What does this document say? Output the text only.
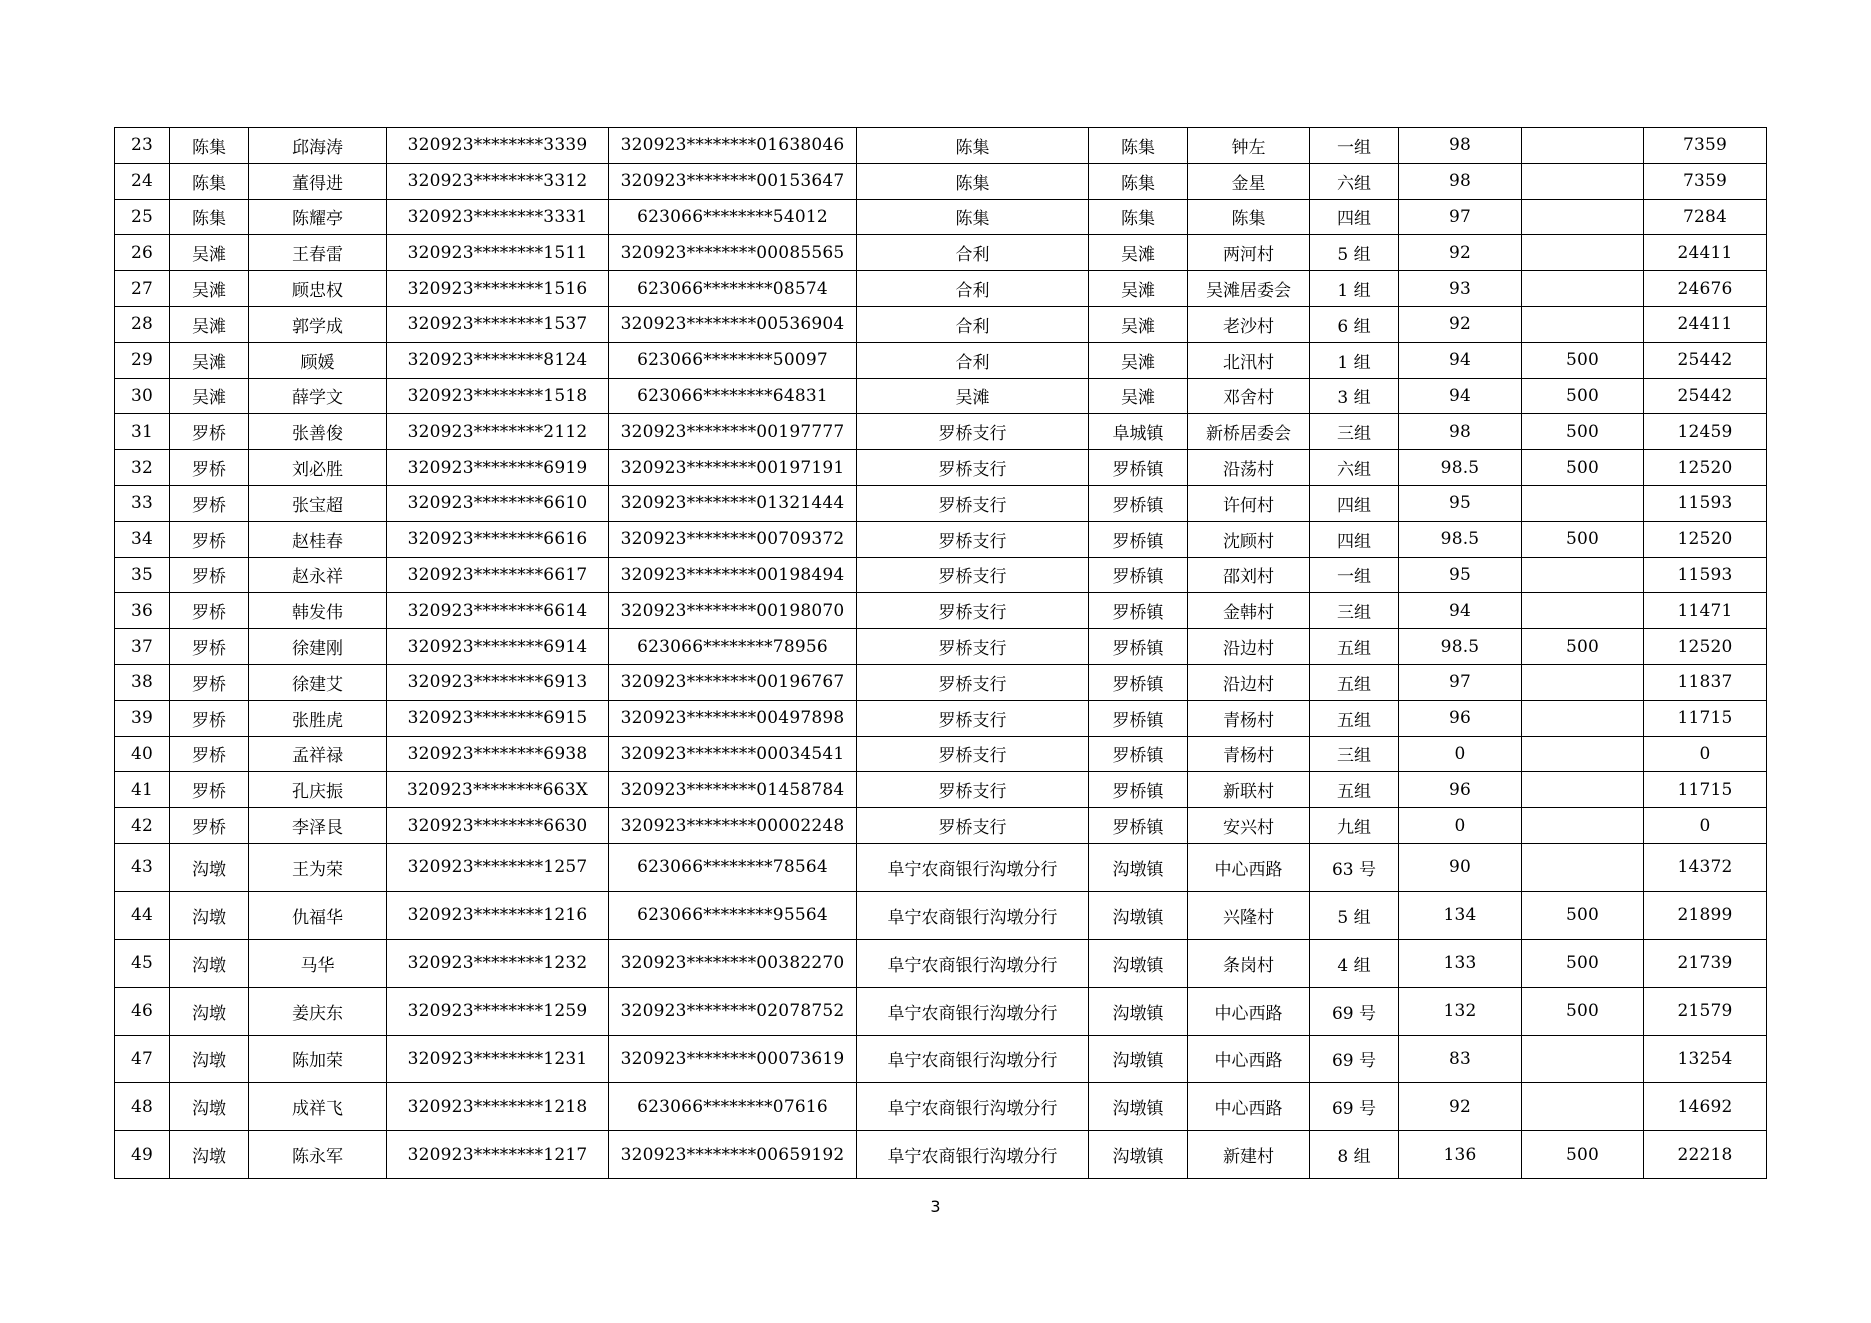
23	陈集	邱海涛	320923********3339	320923********01638046	陈集	陈集	钟左	一组	98		7359
24	陈集	董得进	320923********3312	320923********00153647	陈集	陈集	金星	六组	98		7359
25	陈集	陈耀亭	320923********3331	623066********54012	陈集	陈集	陈集	四组	97		7284
26	吴滩	王春雷	320923********1511	320923********00085565	合利	吴滩	两河村	5 组	92		24411
27	吴滩	顾忠权	320923********1516	623066********08574	合利	吴滩	吴滩居委会	1 组	93		24676
28	吴滩	郭学成	320923********1537	320923********00536904	合利	吴滩	老沙村	6 组	92		24411
29	吴滩	顾媛	320923********8124	623066********50097	合利	吴滩	北汛村	1 组	94	500	25442
30	吴滩	薛学文	320923********1518	623066********64831	吴滩	吴滩	邓舍村	3 组	94	500	25442
31	罗桥	张善俊	320923********2112	320923********00197777	罗桥支行	阜城镇	新桥居委会	三组	98	500	12459
32	罗桥	刘必胜	320923********6919	320923********00197191	罗桥支行	罗桥镇	沿荡村	六组	98.5	500	12520
33	罗桥	张宝超	320923********6610	320923********01321444	罗桥支行	罗桥镇	许何村	四组	95		11593
34	罗桥	赵桂春	320923********6616	320923********00709372	罗桥支行	罗桥镇	沈顾村	四组	98.5	500	12520
35	罗桥	赵永祥	320923********6617	320923********00198494	罗桥支行	罗桥镇	邵刘村	一组	95		11593
36	罗桥	韩发伟	320923********6614	320923********00198070	罗桥支行	罗桥镇	金韩村	三组	94		11471
37	罗桥	徐建刚	320923********6914	623066********78956	罗桥支行	罗桥镇	沿边村	五组	98.5	500	12520
38	罗桥	徐建艾	320923********6913	320923********00196767	罗桥支行	罗桥镇	沿边村	五组	97		11837
39	罗桥	张胜虎	320923********6915	320923********00497898	罗桥支行	罗桥镇	青杨村	五组	96		11715
40	罗桥	孟祥禄	320923********6938	320923********00034541	罗桥支行	罗桥镇	青杨村	三组	0		0
41	罗桥	孔庆振	320923********663X	320923********01458784	罗桥支行	罗桥镇	新联村	五组	96		11715
42	罗桥	李泽艮	320923********6630	320923********00002248	罗桥支行	罗桥镇	安兴村	九组	0		0
43	沟墩	王为荣	320923********1257	623066********78564	阜宁农商银行沟墩分行	沟墩镇	中心西路	63 号	90		14372
44	沟墩	仇福华	320923********1216	623066********95564	阜宁农商银行沟墩分行	沟墩镇	兴隆村	5 组	134	500	21899
45	沟墩	马华	320923********1232	320923********00382270	阜宁农商银行沟墩分行	沟墩镇	条岗村	4 组	133	500	21739
46	沟墩	姜庆东	320923********1259	320923********02078752	阜宁农商银行沟墩分行	沟墩镇	中心西路	69 号	132	500	21579
47	沟墩	陈加荣	320923********1231	320923********00073619	阜宁农商银行沟墩分行	沟墩镇	中心西路	69 号	83		13254
48	沟墩	成祥飞	320923********1218	623066********07616	阜宁农商银行沟墩分行	沟墩镇	中心西路	69 号	92		14692
49	沟墩	陈永军	320923********1217	320923********00659192	阜宁农商银行沟墩分行	沟墩镇	新建村	8 组	136	500	22218
3
